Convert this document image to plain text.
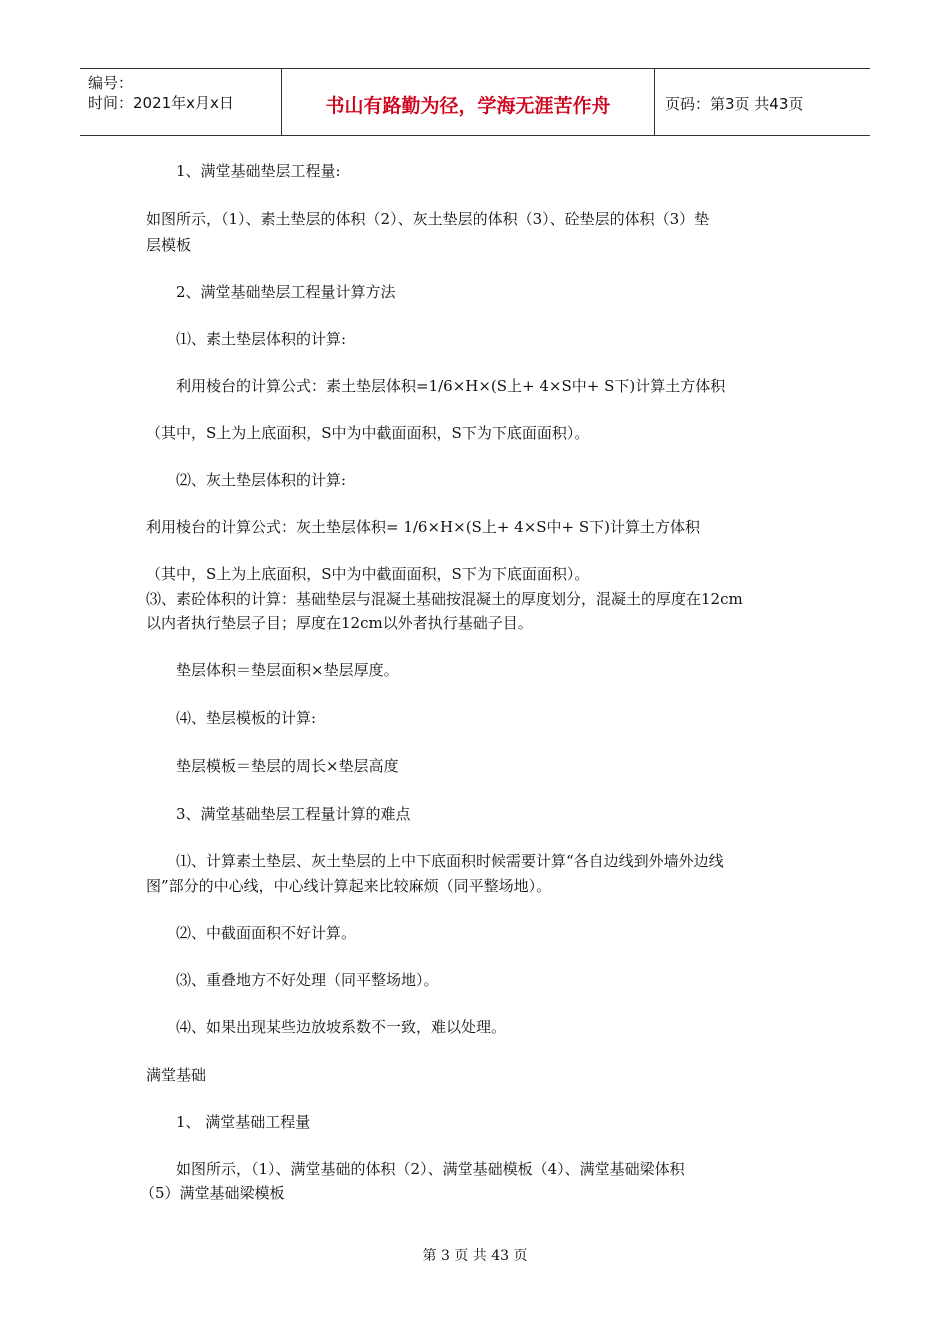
编号：
时间：2021年x月x日	书山有路勤为径，学海无涯苦作舟	页码：第3页 共43页
1、满堂基础垫层工程量:
如图所示，（1）、素土垫层的体积（2）、灰土垫层的体积（3）、砼垫层的体积（3）垫
层模板
2、满堂基础垫层工程量计算方法
⑴、素土垫层体积的计算:
利用棱台的计算公式：素土垫层体积=1/6×H×(S上+ 4×S中+ S下)计算土方体积
（其中，S上为上底面积，S中为中截面面积，S下为下底面面积）。
⑵、灰土垫层体积的计算:
利用棱台的计算公式：灰土垫层体积= 1/6×H×(S上+ 4×S中+ S下)计算土方体积
（其中，S上为上底面积，S中为中截面面积，S下为下底面面积）。
⑶、素砼体积的计算：基础垫层与混凝土基础按混凝土的厚度划分，混凝土的厚度在12cm
以内者执行垫层子目；厚度在12cm以外者执行基础子目。
垫层体积＝垫层面积×垫层厚度。
⑷、垫层模板的计算:
垫层模板＝垫层的周长×垫层高度
3、满堂基础垫层工程量计算的难点
⑴、计算素土垫层、灰土垫层的上中下底面积时候需要计算“各自边线到外墙外边线
图”部分的中心线，中心线计算起来比较麻烦（同平整场地）。
⑵、中截面面积不好计算。
⑶、重叠地方不好处理（同平整场地）。
⑷、如果出现某些边放坡系数不一致，难以处理。
满堂基础
1、 满堂基础工程量
如图所示，（1）、满堂基础的体积（2）、满堂基础模板（4）、满堂基础梁体积
（5）满堂基础梁模板
第 3 页 共 43 页
